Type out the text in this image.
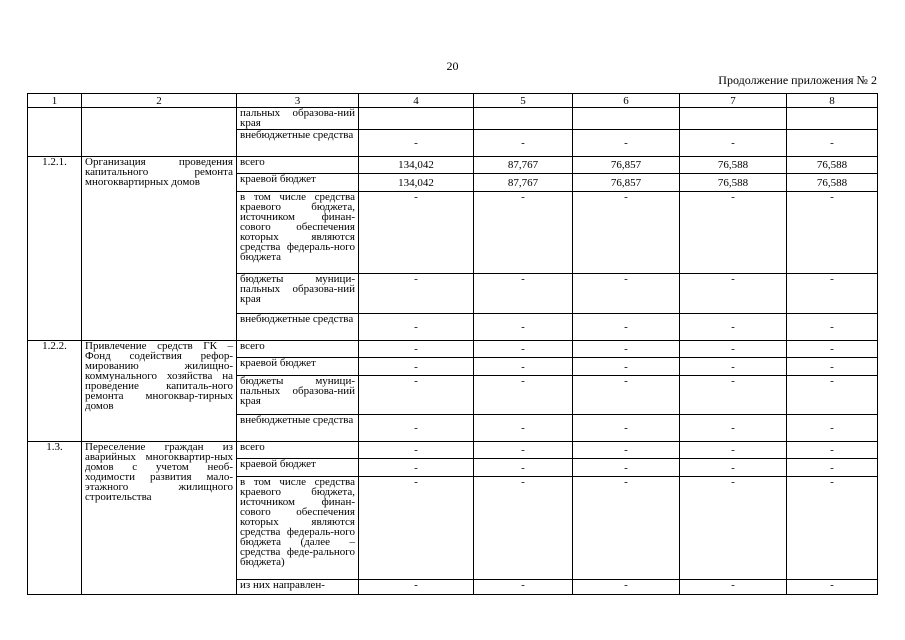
20
Продолжение приложения № 2
1	2	3	4	5	6	7	8
		пальных образова-ний края					
		внебюджетные средства	-	-	-	-	-
1.2.1.	Организация проведения капитального ремонта многоквартирных домов	всего	134,042	87,767	76,857	76,588	76,588
		краевой бюджет	134,042	87,767	76,857	76,588	76,588
		в том числе средства краевого бюджета, источником финан-сового обеспечения которых являются средства федераль-ного бюджета	-	-	-	-	-
		бюджеты муници-пальных образова-ний края	-	-	-	-	-
		внебюджетные средства	-	-	-	-	-
1.2.2.	Привлечение средств ГК – Фонд содействия рефор-мированию жилищно-коммунального хозяйства на проведение капиталь-ного ремонта многоквар-тирных домов	всего	-	-	-	-	-
		краевой бюджет	-	-	-	-	-
		бюджеты муници-пальных образова-ний края	-	-	-	-	-
		внебюджетные средства	-	-	-	-	-
1.3.	Переселение граждан из аварийных многоквартир-ных домов с учетом необ-ходимости развития мало-этажного жилищного строительства	всего	-	-	-	-	-
		краевой бюджет	-	-	-	-	-
		в том числе средства краевого бюджета, источником финан-сового обеспечения которых являются средства федераль-ного бюджета (далее – средства феде-рального бюджета)	-	-	-	-	-
		из них направлен-	-	-	-	-	-
